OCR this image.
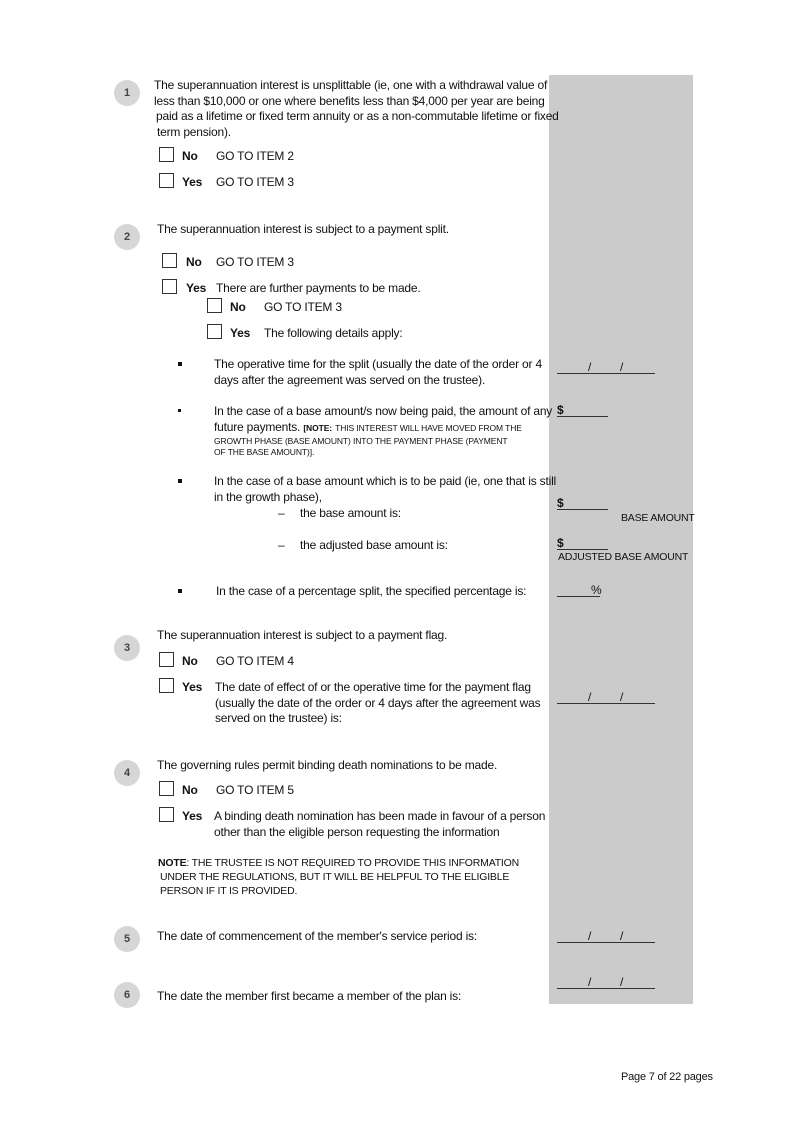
1
The superannuation interest is unsplittable (ie, one with a withdrawal value of
less than $10,000 or one where benefits less than $4,000 per year are being
paid as a lifetime or fixed term annuity or as a non-commutable lifetime or fixed
term pension).
No GO TO ITEM 2
Yes GO TO ITEM 3
2
The superannuation interest is subject to a payment split.
No GO TO ITEM 3
Yes There are further payments to be made.
No GO TO ITEM 3
Yes The following details apply:
The operative time for the split (usually the date of the order or 4
days after the agreement was served on the trustee).
In the case of a base amount/s now being paid, the amount of any
future payments. [NOTE: THIS INTEREST WILL HAVE MOVED FROM THE
GROWTH PHASE (BASE AMOUNT) INTO THE PAYMENT PHASE (PAYMENT
OF THE BASE AMOUNT)].
In the case of a base amount which is to be paid (ie, one that is still
in the growth phase),
– the base amount is:
– the adjusted base amount is:
In the case of a percentage split, the specified percentage is:
3
The superannuation interest is subject to a payment flag.
No GO TO ITEM 4
Yes The date of effect of or the operative time for the payment flag
(usually the date of the order or 4 days after the agreement was
served on the trustee) is:
4
The governing rules permit binding death nominations to be made.
No GO TO ITEM 5
Yes A binding death nomination has been made in favour of a person
other than the eligible person requesting the information
NOTE: THE TRUSTEE IS NOT REQUIRED TO PROVIDE THIS INFORMATION
UNDER THE REGULATIONS, BUT IT WILL BE HELPFUL TO THE ELIGIBLE
PERSON IF IT IS PROVIDED.
5	The date of commencement of the member's service period is:
6	The date the member first became a member of the plan is:
/ /
$
$
BASE AMOUNT
$
ADJUSTED BASE AMOUNT
%
/ /
/ /
/ /
Page 7 of 22 pages
